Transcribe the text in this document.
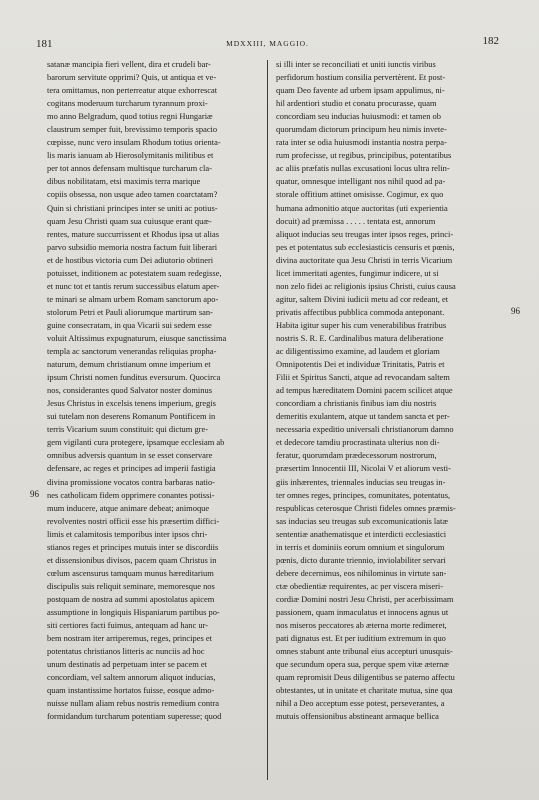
181	MDXXIII, MAGGIO.	182
satanæ mancipia fieri vellent, dira et crudeli bar-
barorum servitute opprimi? Quis, ut antiqua et ve-
tera omittamus, non perterreatur atque exhorrescat
cogitans moderuum turcharum tyrannum proxi-
mo anno Belgradum, quod totius regni Hungariæ
claustrum semper fuit, brevissimo temporis spacio
cœpisse, nunc vero insulam Rhodum totius orienta-
lis maris ianuam ab Hierosolymitanis militibus et
per tot annos defensam multisque turcharum cla-
dibus nobilitatam, etsi maximis terra marique
copiis obsessa, non usque adeo tamen coarctatam?
Quin si christiani principes inter se uniti ac potius-
quam Jesu Christi quam sua cuiusque erant quæ-
rentes, mature succurrissent et Rhodus ipsa ut alias
parvo subsidio memoria nostra factum fuit liberari
et de hostibus victoria cum Dei adiutorio obtineri
potuisset, inditionem ac potestatem suam redegisse,
et nunc tot et tantis rerum successibus elatum aper-
te minari se almam urbem Romam sanctorum apo-
stolorum Petri et Pauli aliorumque martirum san-
guine consecratam, in qua Vicarii sui sedem esse
voluit Altissimus expugnaturum, eiusque sanctissima
templa ac sanctorum venerandas reliquias propha-
naturum, demum christianum omne imperium et
ipsum Christi nomen funditus eversurum. Quocirca
nos, considerantes quod Salvator noster dominus
Jesus Christus in excelsis tenens imperium, gregis
sui tutelam non deserens Romanum Pontificem in
terris Vicarium suum constituit: qui dictum gre-
gem vigilanti cura protegere, ipsamque ecclesiam ab
omnibus adversis quantum in se esset conservare
defensare, ac reges et principes ad imperii fastigia
divina promissione vocatos contra barbaras natio-
nes catholicam fidem opprimere conantes potissi-
mum inducere, atque animare debeat; animoque
revolventes nostri officii esse his præsertim diffici-
limis et calamitosis temporibus inter ipsos chri-
stianos reges et principes mutuis inter se discordiis
et dissensionibus divisos, pacem quam Christus in
cœlum ascensurus tamquam munus hæreditarium
discipulis suis reliquit seminare, memoresque nos
postquam de nostra ad summi apostolatus apicem
assumptione in longiquis Hispaniarum partibus po-
siti certiores facti fuimus, antequam ad hanc ur-
bem nostram iter arriperemus, reges, principes et
potentatus christianos litteris ac nunciis ad hoc
unum destinatis ad perpetuam inter se pacem et
concordiam, vel saltem annorum aliquot inducias,
quam instantissime hortatos fuisse, eosque admo-
nuisse nullam aliam rebus nostris remedium contra
formidandum turcharum potentiam superesse; quod
si illi inter se reconciliati et uniti iunctis viribus
perfidorum hostium consilia pervertèrent. Et post-
quam Deo favente ad urbem ipsam appulimus, ni-
hil ardentiori studio et conatu procurasse, quam
concordiam seu inducias huiusmodi: et tamen ob
quorumdam dictorum principum heu nimis invete-
rata inter se odia huiusmodi instantia nostra perpa-
rum profecisse, ut regibus, principibus, potentatibus
ac aliis præfatis nullas excusationi locus ultra relin-
quatur, omnesque intelligant nos nihil quod ad pa-
storale offitium attinet omisisse. Cogimur, ex quo
humana admonitio atque auctoritas (uti experientia
docuit) ad præmissa . . . . . tentata est, annorum
aliquot inducias seu treugas inter ipsos reges, princi-
pes et potentatus sub ecclesiasticis censuris et pœnis,
divina auctoritate qua Jesu Christi in terris Vicarium
licet immeritati agentes, fungimur indicere, ut si
non zelo fidei ac religionis ipsius Christi, cuius causa
agitur, saltem Divini iudicii metu ad cor redeant, et
privatis affectibus pubblica commoda anteponant.
Habita igitur super his cum venerabilibus fratribus
nostris S. R. E. Cardinalibus matura deliberatione
ac diligentissimo examine, ad laudem et gloriam
Omnipotentis Dei et individuæ Trinitatis, Patris et
Filii et Spiritus Sancti, atque ad revocandam saltem
ad tempus hæreditatem Domini pacem scilicet atque
concordiam a christianis finibus iam diu nostris
demeritis exulantem, atque ut tandem sancta et per-
necessaria expeditio universali christianorum damno
et dedecore tamdiu procrastinata ulterius non di-
feratur, quorumdam prædecessorum nostrorum,
præsertim Innocentii III, Nicolai V et aliorum vesti-
giis inhærentes, triennales inducias seu treugas in-
ter omnes reges, principes, comunitates, potentatus,
respublicas ceterosque Christi fideles omnes præmis-
sas inducias seu treugas sub excomunicationis latæ
sententiæ anathematisque et interdicti ecclesiastici
in terris et dominiis eorum omnium et singulorum
pœnis, dicto durante triennio, inviolabiliter servari
debere decernimus, eos nihilominus in virtute san-
ctæ obedientiæ requirentes, ac per viscera miseri-
cordiæ Domini nostri Jesu Christi, per acerbissimam
passionem, quam inmaculatus et innocens agnus ut
nos miseros peccatores ab æterna morte redimeret,
pati dignatus est. Et per iuditium extremum in quo
omnes stabunt ante tribunal eius accepturi unusquis-
que secundum opera sua, perque spem vitæ æternæ
quam repromisit Deus diligentibus se paterno affectu
obtestantes, ut in unitate et charitate mutua, sine qua
nihil a Deo acceptum esse potest, perseverantes, a
mutuis offensionibus abstineant armaque bellica
96
96
